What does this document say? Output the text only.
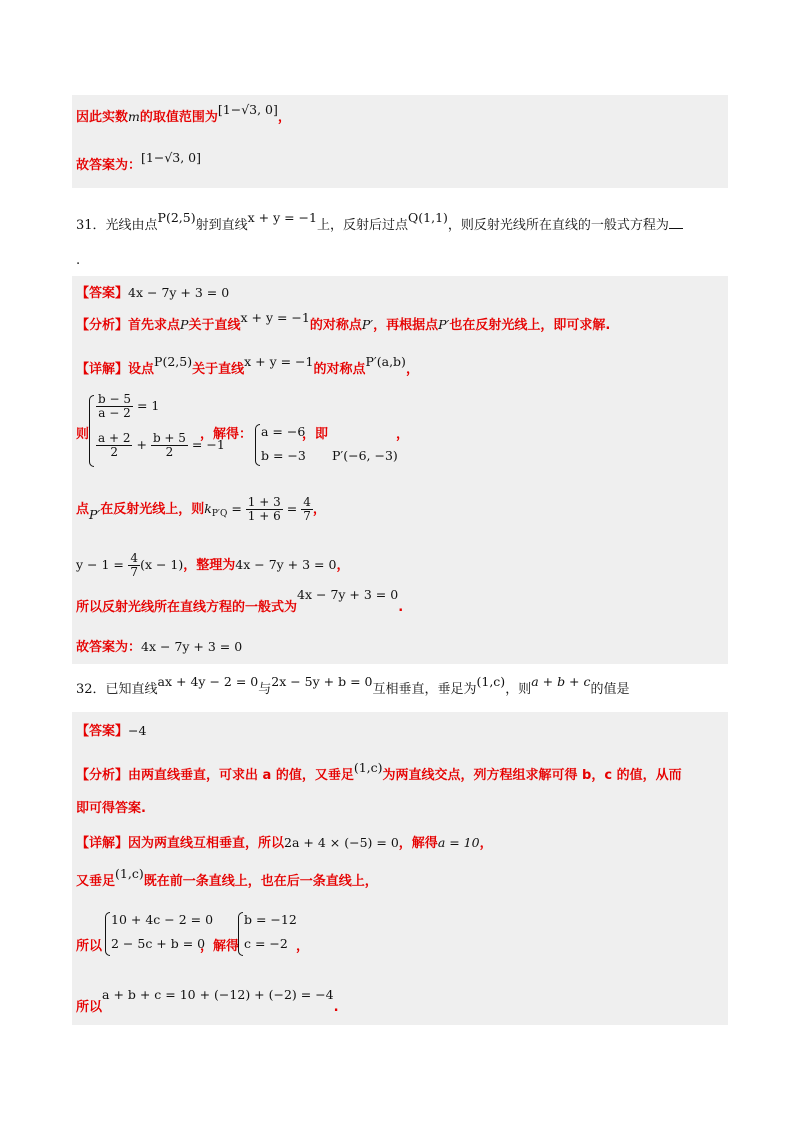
因此实数m的取值范围为[1−√3, 0]，
故答案为：[1−√3, 0]
31．光线由点P(2,5)射到直线x + y = −1上，反射后过点Q(1,1)，则反射光线所在直线的一般式方程为
.
【答案】4x − 7y + 3 = 0
【分析】首先求点P关于直线x + y = −1的对称点P′，再根据点P′也在反射光线上，即可求解.
【详解】设点P(2,5)关于直线x + y = −1的对称点P′(a,b)，
则
$\frac{b - 5}{a - 2} = 1$
$\frac{a + 2}{2} + \frac{b + 5}{2} = -1$
，解得： a = −6
b = −3
，即
P′(−6, −3)
，
点P′在反射光线上，则$k_{P'Q} = \frac{1 + 3}{1 + 6} = \frac{4}{7}$ ，
$y - 1 = \frac{4}{7} (x - 1)$，整理为4x − 7y + 3 = 0，
所以反射光线所在直线方程的一般式为4x − 7y + 3 = 0.
故答案为：4x − 7y + 3 = 0
32．已知直线ax + 4y − 2 = 0与2x − 5y + b = 0互相垂直，垂足为(1,c)，则a + b + c的值是
【答案】−4
【分析】由两直线垂直，可求出 a 的值，又垂足(1,c)为两直线交点，列方程组求解可得 b，c 的值，从而
即可得答案.
【详解】因为两直线互相垂直，所以2a + 4 × (−5) = 0，解得a = 10，
又垂足(1,c)既在前一条直线上，也在后一条直线上，
所以
10 + 4c − 2 = 0
2 − 5c + b = 0
，解得
b = −12
c = −2 ，
所以a + b + c = 10 + (−12) + (−2) = −4.
